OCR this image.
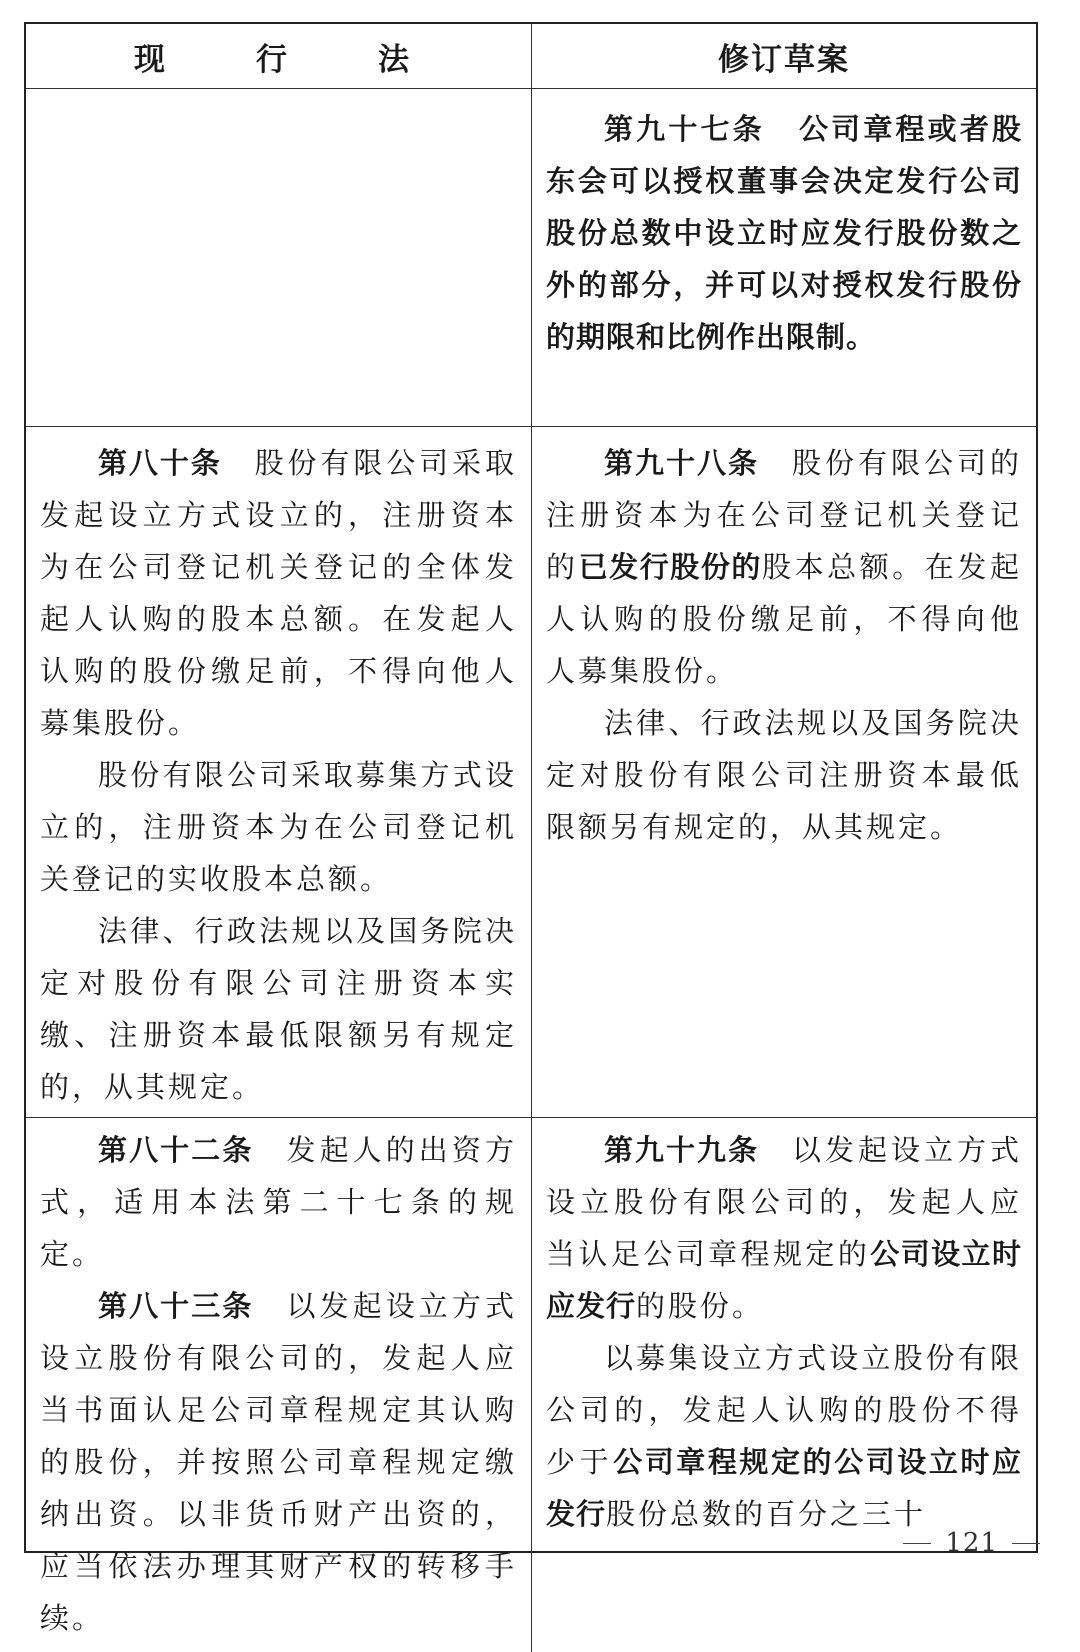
现　行　法	修订草案

第九十七条 公司章程或者股东会可以授权董事会决定发行公司股份总数中设立时应发行股份数之外的部分，并可以对授权发行股份的期限和比例作出限制。

第八十条 股份有限公司采取发起设立方式设立的，注册资本为在公司登记机关登记的全体发起人认购的股本总额。在发起人认购的股份缴足前，不得向他人募集股份。

股份有限公司采取募集方式设立的，注册资本为在公司登记机关登记的实收股本总额。

法律、行政法规以及国务院决定对股份有限公司注册资本实缴、注册资本最低限额另有规定的，从其规定。

第九十八条 股份有限公司的注册资本为在公司登记机关登记的已发行股份的股本总额。在发起人认购的股份缴足前，不得向他人募集股份。

法律、行政法规以及国务院决定对股份有限公司注册资本最低限额另有规定的，从其规定。

第八十二条 发起人的出资方式，适用本法第二十七条的规定。

第八十三条 以发起设立方式设立股份有限公司的，发起人应当书面认足公司章程规定其认购的股份，并按照公司章程规定缴纳出资。以非货币财产出资的，应当依法办理其财产权的转移手续。

第九十九条 以发起设立方式设立股份有限公司的，发起人应当认足公司章程规定的公司设立时应发行的股份。

以募集设立方式设立股份有限公司的，发起人认购的股份不得少于公司章程规定的公司设立时应发行股份总数的百分之三十

121
